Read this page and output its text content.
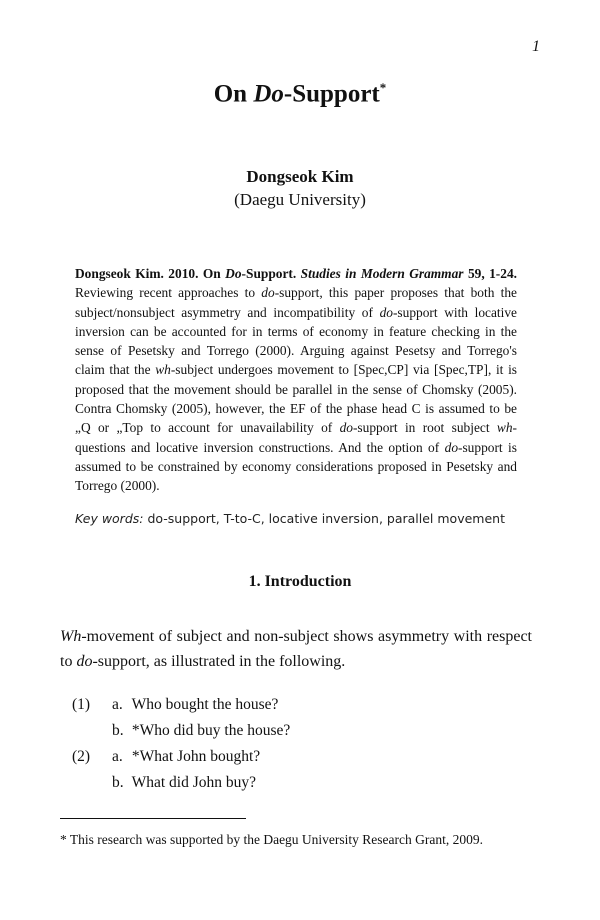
1
On Do-Support*
Dongseok Kim
(Daegu University)
Dongseok Kim. 2010. On Do-Support. Studies in Modern Grammar 59, 1-24. Reviewing recent approaches to do-support, this paper proposes that both the subject/nonsubject asymmetry and incompatibility of do-support with locative inversion can be accounted for in terms of economy in feature checking in the sense of Pesetsky and Torrego (2000). Arguing against Pesetsy and Torrego's claim that the wh-subject undergoes movement to [Spec,CP] via [Spec,TP], it is proposed that the movement should be parallel in the sense of Chomsky (2005). Contra Chomsky (2005), however, the EF of the phase head C is assumed to be „Q or „Top to account for unavailability of do-support in root subject wh-questions and locative inversion constructions. And the option of do-support is assumed to be constrained by economy considerations proposed in Pesetsky and Torrego (2000).
Key words: do-support, T-to-C, locative inversion, parallel movement
1. Introduction
Wh-movement of subject and non-subject shows asymmetry with respect to do-support, as illustrated in the following.
(1) a. Who bought the house?
b. *Who did buy the house?
(2) a. *What John bought?
b. What did John buy?
* This research was supported by the Daegu University Research Grant, 2009.
